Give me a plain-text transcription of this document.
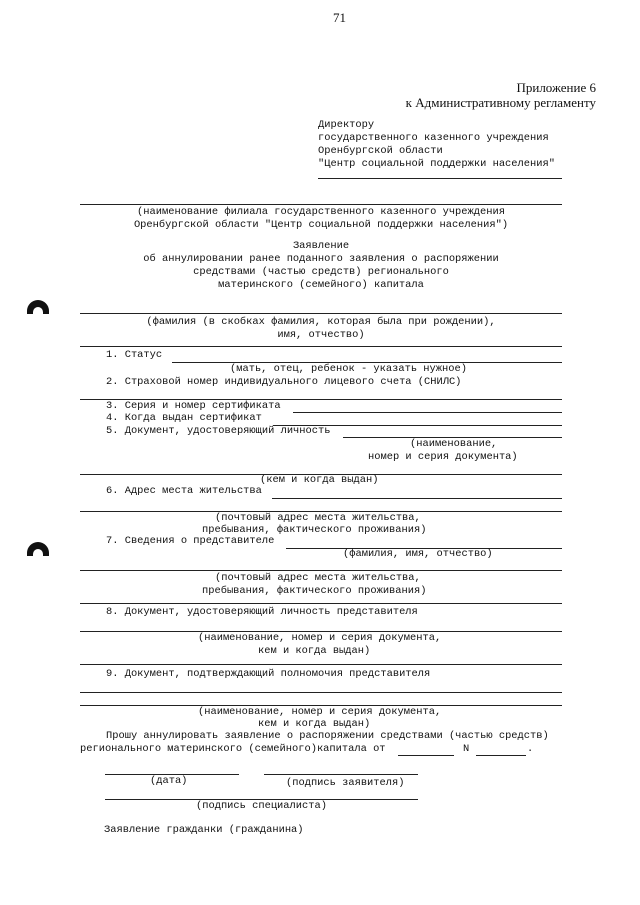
71
Приложение 6
к Административному регламенту
Директору
государственного казенного учреждения
Оренбургской области
"Центр социальной поддержки населения"
(наименование филиала государственного казенного учреждения
Оренбургской области "Центр социальной поддержки населения")
Заявление
об аннулировании ранее поданного заявления о распоряжении
средствами (частью средств) регионального
материнского (семейного) капитала
(фамилия (в скобках фамилия, которая была при рождении),
имя, отчество)
1. Статус
(мать, отец, ребенок - указать нужное)
2. Страховой номер индивидуального лицевого счета (СНИЛС)
3. Серия и номер сертификата
4. Когда выдан сертификат
5. Документ, удостоверяющий личность
(наименование,
номер и серия документа)
(кем и когда выдан)
6. Адрес места жительства
(почтовый адрес места жительства,
пребывания, фактического проживания)
7. Сведения о представителе
(фамилия, имя, отчество)
(почтовый адрес места жительства,
пребывания, фактического проживания)
8. Документ, удостоверяющий личность представителя
(наименование, номер и серия документа,
кем и когда выдан)
9. Документ, подтверждающий полномочия представителя
(наименование, номер и серия документа,
кем и когда выдан)
Прошу аннулировать заявление о распоряжении средствами (частью средств)
регионального материнского (семейного)капитала от	N	.
(дата)	(подпись заявителя)
(подпись специалиста)
Заявление гражданки (гражданина)
